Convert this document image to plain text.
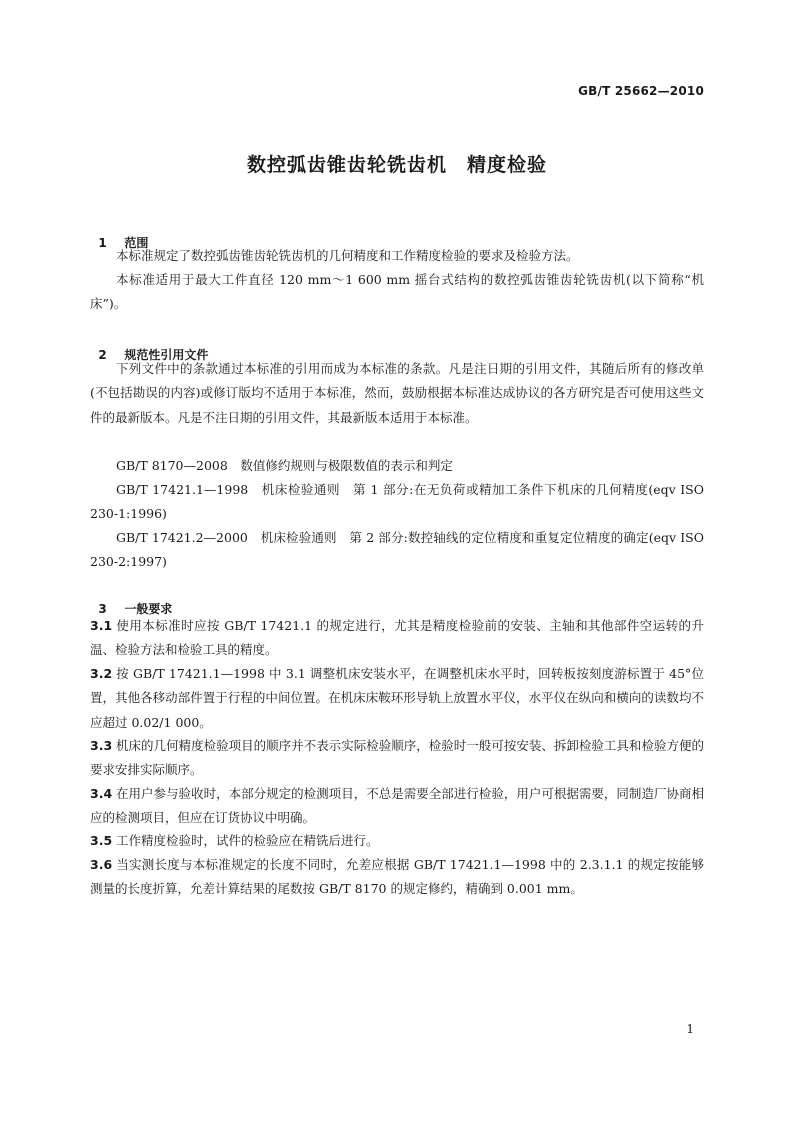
GB/T 25662—2010
数控弧齿锥齿轮铣齿机　精度检验

1 范围

本标准规定了数控弧齿锥齿轮铣齿机的几何精度和工作精度检验的要求及检验方法。
本标准适用于最大工件直径 120 mm～1 600 mm 摇台式结构的数控弧齿锥齿轮铣齿机(以下简称“机床”)。

2 规范性引用文件

下列文件中的条款通过本标准的引用而成为本标准的条款。凡是注日期的引用文件，其随后所有的修改单(不包括勘误的内容)或修订版均不适用于本标准，然而，鼓励根据本标准达成协议的各方研究是否可使用这些文件的最新版本。凡是不注日期的引用文件，其最新版本适用于本标准。
GB/T 8170—2008　数值修约规则与极限数值的表示和判定
GB/T 17421.1—1998　机床检验通则　第 1 部分:在无负荷或精加工条件下机床的几何精度(eqv ISO 230-1:1996)
GB/T 17421.2—2000　机床检验通则　第 2 部分:数控轴线的定位精度和重复定位精度的确定(eqv ISO 230-2:1997)

3 一般要求

3.1 使用本标准时应按 GB/T 17421.1 的规定进行，尤其是精度检验前的安装、主轴和其他部件空运转的升温、检验方法和检验工具的精度。
3.2 按 GB/T 17421.1—1998 中 3.1 调整机床安装水平，在调整机床水平时，回转板按刻度游标置于 45°位置，其他各移动部件置于行程的中间位置。在机床床鞍环形导轨上放置水平仪，水平仪在纵向和横向的读数均不应超过 0.02/1 000。
3.3 机床的几何精度检验项目的顺序并不表示实际检验顺序，检验时一般可按安装、拆卸检验工具和检验方便的要求安排实际顺序。
3.4 在用户参与验收时，本部分规定的检测项目，不总是需要全部进行检验，用户可根据需要，同制造厂协商相应的检测项目，但应在订货协议中明确。
3.5 工作精度检验时，试件的检验应在精铣后进行。
3.6 当实测长度与本标准规定的长度不同时，允差应根据 GB/T 17421.1—1998 中的 2.3.1.1 的规定按能够测量的长度折算，允差计算结果的尾数按 GB/T 8170 的规定修约，精确到 0.001 mm。
1
